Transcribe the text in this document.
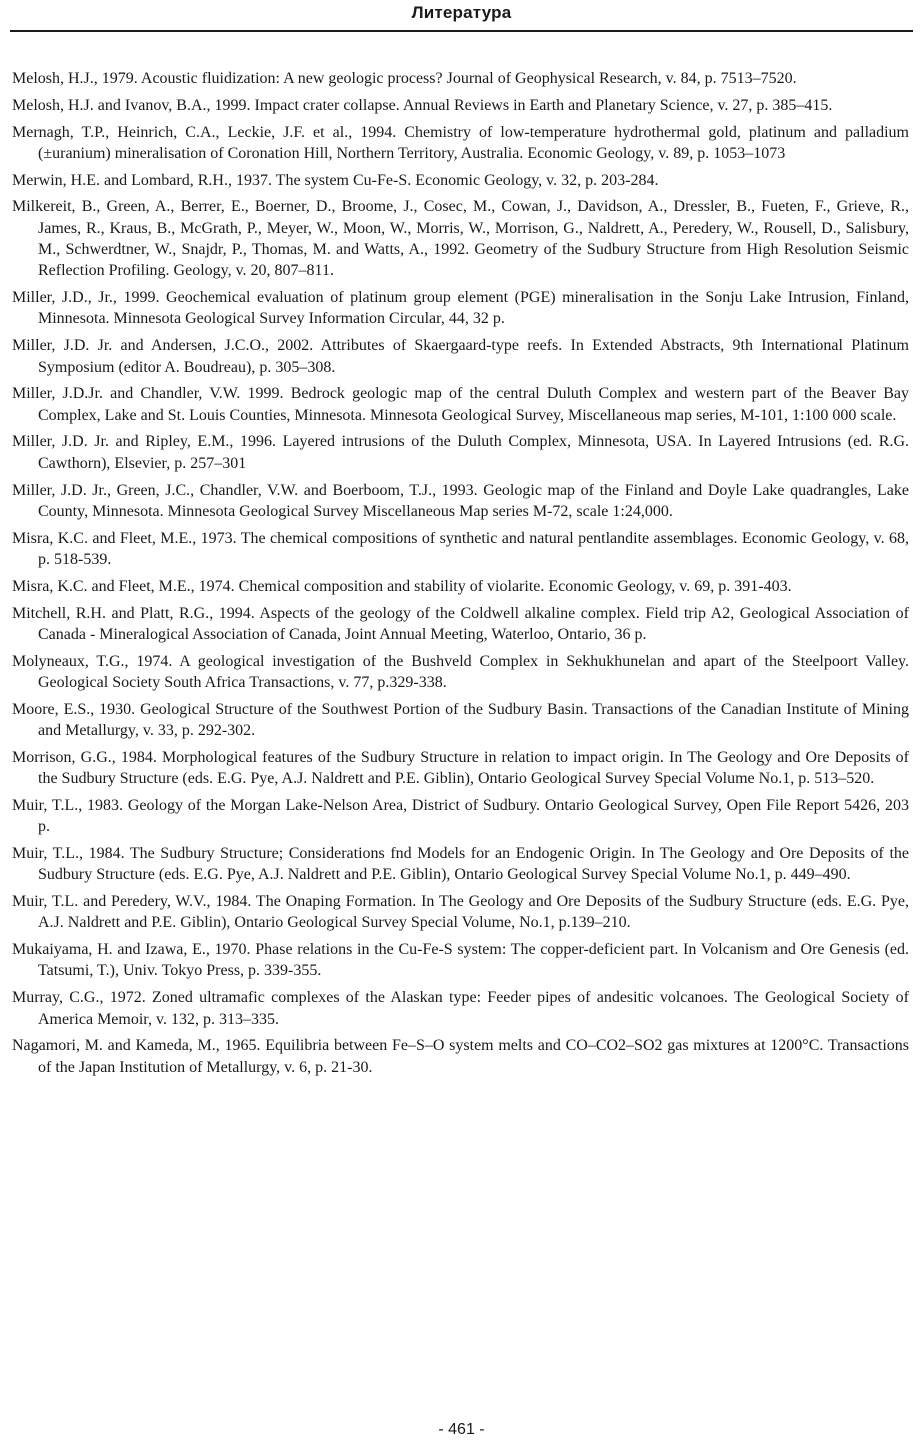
Литература

Melosh, H.J., 1979. Acoustic fluidization: A new geologic process? Journal of Geophysical Research, v. 84, p. 7513–7520.

Melosh, H.J. and Ivanov, B.A., 1999. Impact crater collapse. Annual Reviews in Earth and Planetary Science, v. 27, p. 385–415.

Mernagh, T.P., Heinrich, C.A., Leckie, J.F. et al., 1994. Chemistry of low-temperature hydrothermal gold, platinum and palladium (±uranium) mineralisation of Coronation Hill, Northern Territory, Australia. Economic Geology, v. 89, p. 1053–1073

Merwin, H.E. and Lombard, R.H., 1937. The system Cu-Fe-S. Economic Geology, v. 32, p. 203-284.

Milkereit, B., Green, A., Berrer, E., Boerner, D., Broome, J., Cosec, M., Cowan, J., Davidson, A., Dressler, B., Fueten, F., Grieve, R., James, R., Kraus, B., McGrath, P., Meyer, W., Moon, W., Morris, W., Morrison, G., Naldrett, A., Peredery, W., Rousell, D., Salisbury, M., Schwerdtner, W., Snajdr, P., Thomas, M. and Watts, A., 1992. Geometry of the Sudbury Structure from High Resolution Seismic Reflection Profiling. Geology, v. 20, 807–811.

Miller, J.D., Jr., 1999. Geochemical evaluation of platinum group element (PGE) mineralisation in the Sonju Lake Intrusion, Finland, Minnesota. Minnesota Geological Survey Information Circular, 44, 32 p.

Miller, J.D. Jr. and Andersen, J.C.O., 2002. Attributes of Skaergaard-type reefs. In Extended Abstracts, 9th International Platinum Symposium (editor A. Boudreau), p. 305–308.

Miller, J.D.Jr. and Chandler, V.W. 1999. Bedrock geologic map of the central Duluth Complex and western part of the Beaver Bay Complex, Lake and St. Louis Counties, Minnesota. Minnesota Geological Survey, Miscellaneous map series, M-101, 1:100 000 scale.

Miller, J.D. Jr. and Ripley, E.M., 1996. Layered intrusions of the Duluth Complex, Minnesota, USA. In Layered Intrusions (ed. R.G. Cawthorn), Elsevier, p. 257–301

Miller, J.D. Jr., Green, J.C., Chandler, V.W. and Boerboom, T.J., 1993. Geologic map of the Finland and Doyle Lake quadrangles, Lake County, Minnesota. Minnesota Geological Survey Miscellaneous Map series M-72, scale 1:24,000.

Misra, K.C. and Fleet, M.E., 1973. The chemical compositions of synthetic and natural pentlandite assemblages. Economic Geology, v. 68, p. 518-539.

Misra, K.C. and Fleet, M.E., 1974. Chemical composition and stability of violarite. Economic Geology, v. 69, p. 391-403.

Mitchell, R.H. and Platt, R.G., 1994. Aspects of the geology of the Coldwell alkaline complex. Field trip A2, Geological Association of Canada - Mineralogical Association of Canada, Joint Annual Meeting, Waterloo, Ontario, 36 p.

Molyneaux, T.G., 1974. A geological investigation of the Bushveld Complex in Sekhukhunelan and apart of the Steelpoort Valley. Geological Society South Africa Transactions, v. 77, p.329-338.

Moore, E.S., 1930. Geological Structure of the Southwest Portion of the Sudbury Basin. Transactions of the Canadian Institute of Mining and Metallurgy, v. 33, p. 292-302.

Morrison, G.G., 1984. Morphological features of the Sudbury Structure in relation to impact origin. In The Geology and Ore Deposits of the Sudbury Structure (eds. E.G. Pye, A.J. Naldrett and P.E. Giblin), Ontario Geological Survey Special Volume No.1, p. 513–520.

Muir, T.L., 1983. Geology of the Morgan Lake-Nelson Area, District of Sudbury. Ontario Geological Survey, Open File Report 5426, 203 p.

Muir, T.L., 1984. The Sudbury Structure; Considerations fnd Models for an Endogenic Origin. In The Geology and Ore Deposits of the Sudbury Structure (eds. E.G. Pye, A.J. Naldrett and P.E. Giblin), Ontario Geological Survey Special Volume No.1, p. 449–490.

Muir, T.L. and Peredery, W.V., 1984. The Onaping Formation. In The Geology and Ore Deposits of the Sudbury Structure (eds. E.G. Pye, A.J. Naldrett and P.E. Giblin), Ontario Geological Survey Special Volume, No.1, p.139–210.

Mukaiyama, H. and Izawa, E., 1970. Phase relations in the Cu-Fe-S system: The copper-deficient part. In Volcanism and Ore Genesis (ed. Tatsumi, T.), Univ. Tokyo Press, p. 339-355.

Murray, C.G., 1972. Zoned ultramafic complexes of the Alaskan type: Feeder pipes of andesitic volcanoes. The Geological Society of America Memoir, v. 132, p. 313–335.

Nagamori, M. and Kameda, M., 1965. Equilibria between Fe–S–O system melts and CO–CO2–SO2 gas mixtures at 1200°C. Transactions of the Japan Institution of Metallurgy, v. 6, p. 21-30.

- 461 -
